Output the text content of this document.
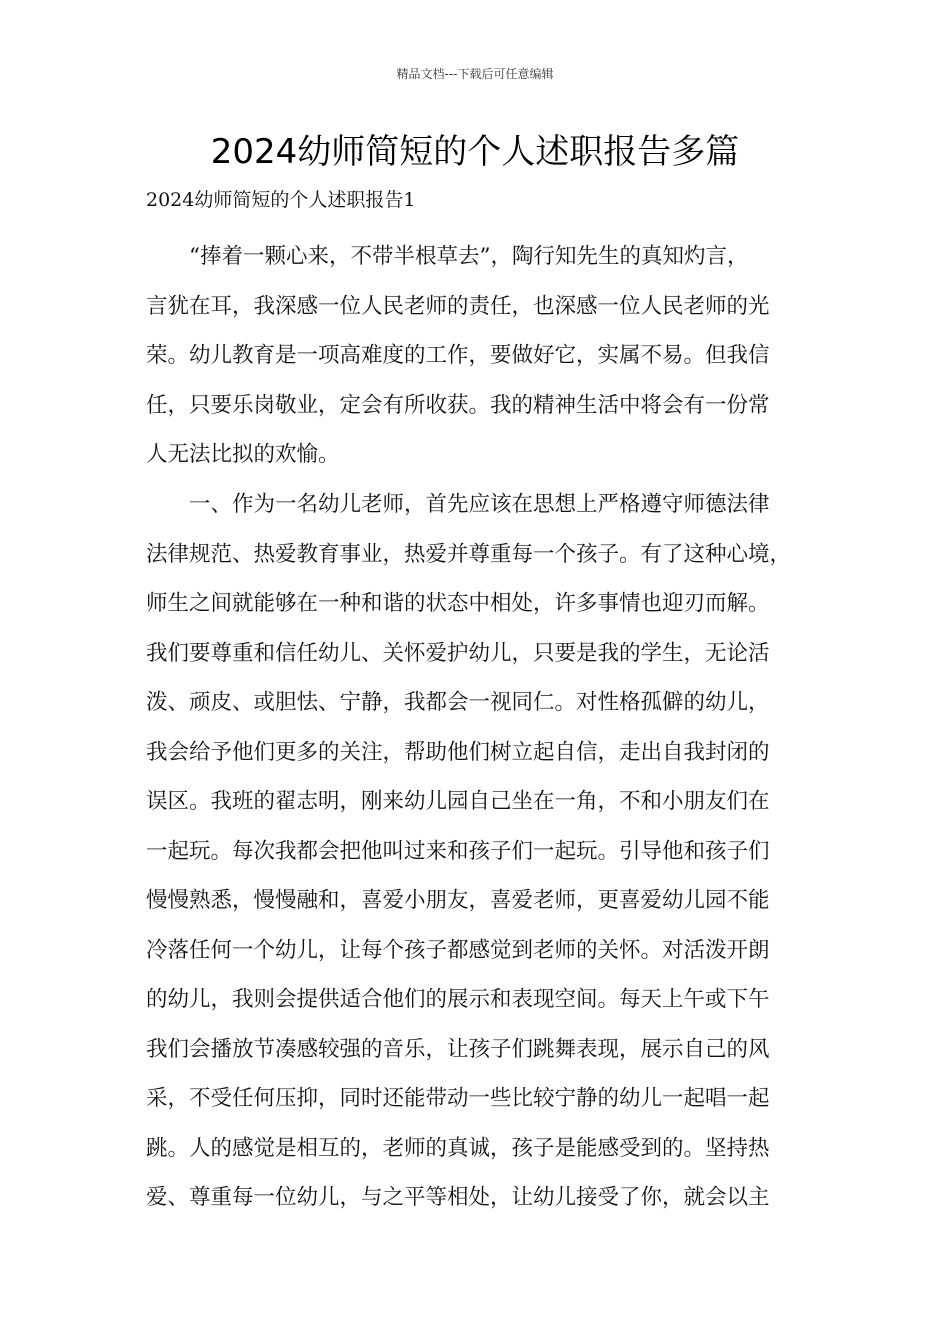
精品文档---下载后可任意编辑
2024幼师简短的个人述职报告多篇
2024幼师简短的个人述职报告1
　　“捧着一颗心来，不带半根草去”，陶行知先生的真知灼言，
言犹在耳，我深感一位人民老师的责任，也深感一位人民老师的光
荣。幼儿教育是一项高难度的工作，要做好它，实属不易。但我信
任，只要乐岗敬业，定会有所收获。我的精神生活中将会有一份常
人无法比拟的欢愉。
　　一、作为一名幼儿老师，首先应该在思想上严格遵守师德法律
法律规范、热爱教育事业，热爱并尊重每一个孩子。有了这种心境，
师生之间就能够在一种和谐的状态中相处，许多事情也迎刃而解。
我们要尊重和信任幼儿、关怀爱护幼儿，只要是我的学生，无论活
泼、顽皮、或胆怯、宁静，我都会一视同仁。对性格孤僻的幼儿，
我会给予他们更多的关注，帮助他们树立起自信，走出自我封闭的
误区。我班的翟志明，刚来幼儿园自己坐在一角，不和小朋友们在
一起玩。每次我都会把他叫过来和孩子们一起玩。引导他和孩子们
慢慢熟悉，慢慢融和，喜爱小朋友，喜爱老师，更喜爱幼儿园不能
冷落任何一个幼儿，让每个孩子都感觉到老师的关怀。对活泼开朗
的幼儿，我则会提供适合他们的展示和表现空间。每天上午或下午
我们会播放节凑感较强的音乐，让孩子们跳舞表现，展示自己的风
采，不受任何压抑，同时还能带动一些比较宁静的幼儿一起唱一起
跳。人的感觉是相互的，老师的真诚，孩子是能感受到的。坚持热
爱、尊重每一位幼儿，与之平等相处，让幼儿接受了你，就会以主
